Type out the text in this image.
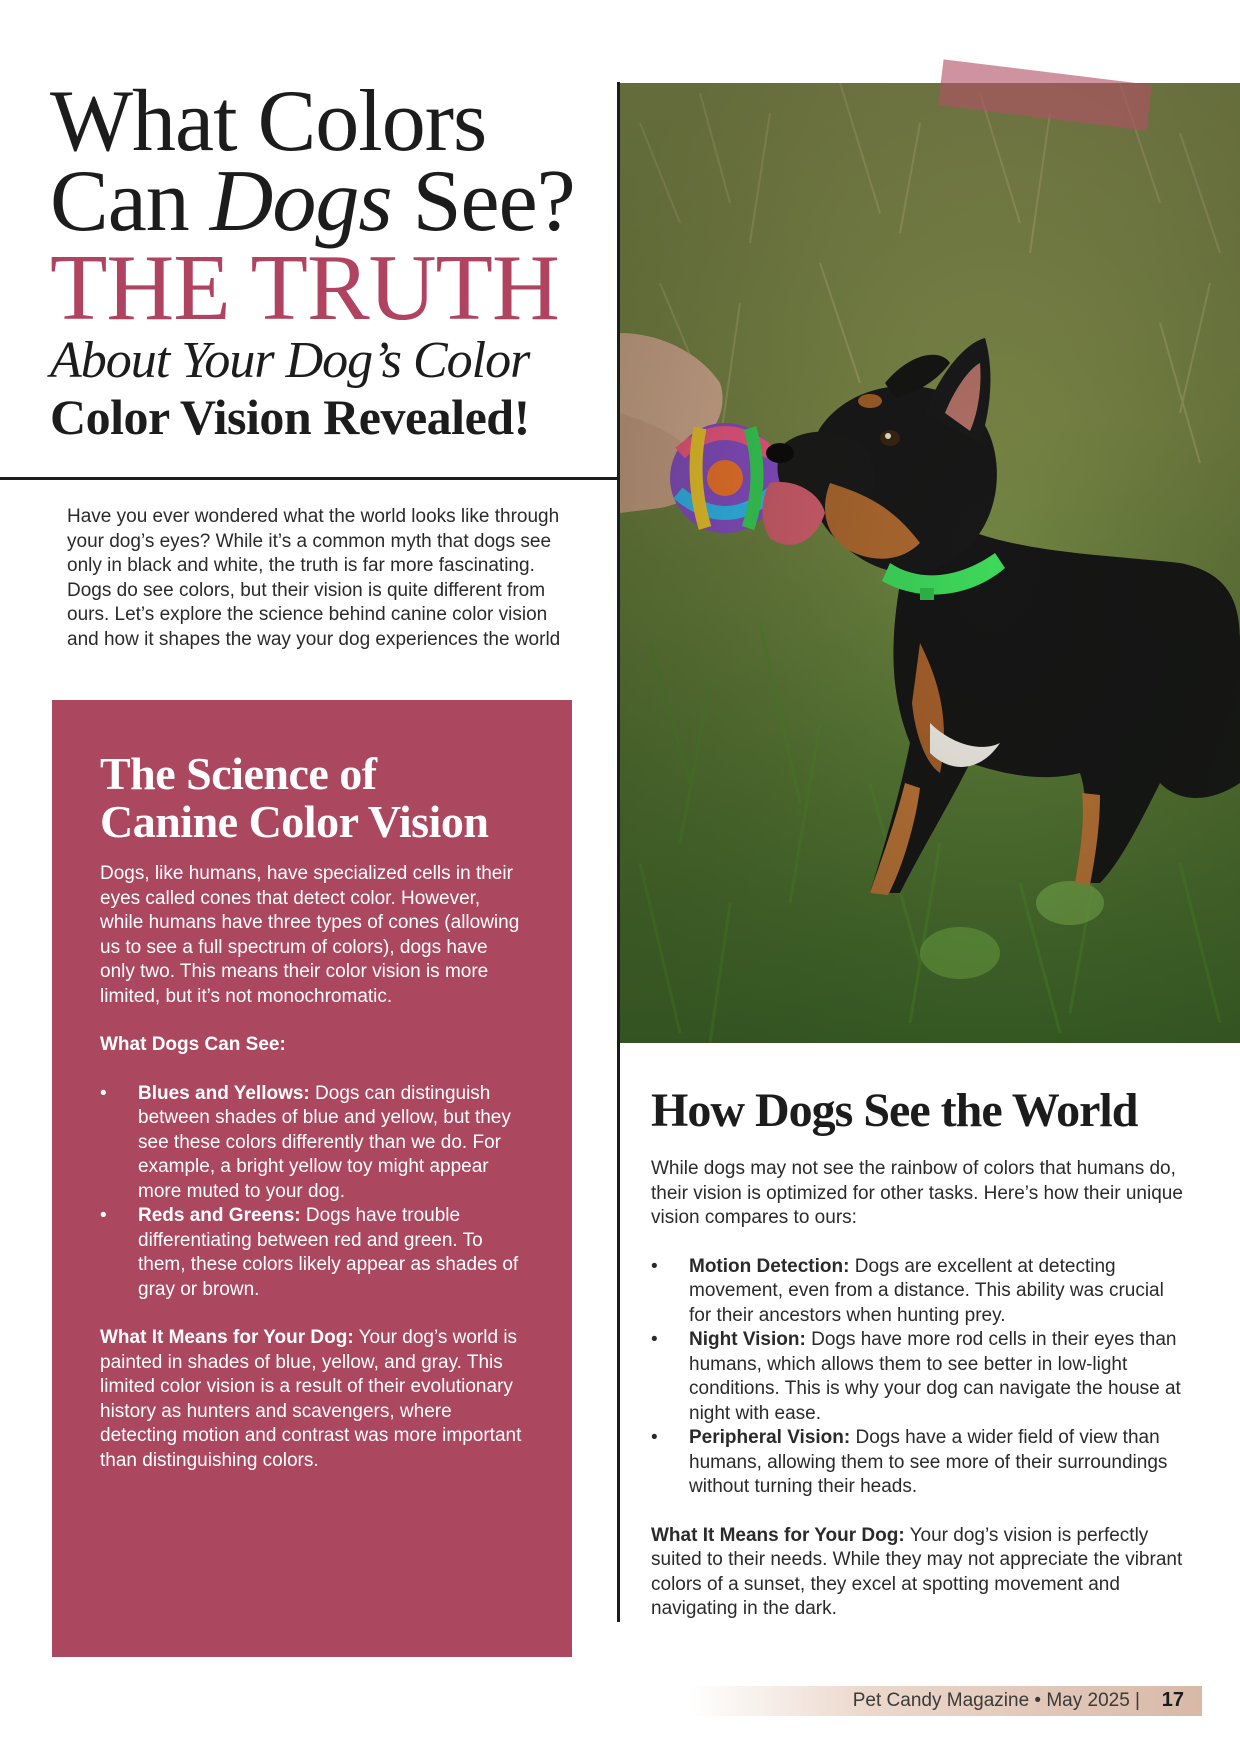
What Colors
Can Dogs See?
THE TRUTH
About Your Dog’s Color
Color Vision Revealed!

Have you ever wondered what the world looks like through your dog’s eyes? While it’s a common myth that dogs see only in black and white, the truth is far more fascinating. Dogs do see colors, but their vision is quite different from ours. Let’s explore the science behind canine color vision and how it shapes the way your dog experiences the world

The Science of
Canine Color Vision

Dogs, like humans, have specialized cells in their eyes called cones that detect color. However, while humans have three types of cones (allowing us to see a full spectrum of colors), dogs have only two. This means their color vision is more limited, but it’s not monochromatic.

What Dogs Can See:

• Blues and Yellows: Dogs can distinguish between shades of blue and yellow, but they see these colors differently than we do. For example, a bright yellow toy might appear more muted to your dog.
• Reds and Greens: Dogs have trouble differentiating between red and green. To them, these colors likely appear as shades of gray or brown.

What It Means for Your Dog: Your dog’s world is painted in shades of blue, yellow, and gray. This limited color vision is a result of their evolutionary history as hunters and scavengers, where detecting motion and contrast was more important than distinguishing colors.

How Dogs See the World

While dogs may not see the rainbow of colors that humans do, their vision is optimized for other tasks. Here’s how their unique vision compares to ours:

• Motion Detection: Dogs are excellent at detecting movement, even from a distance. This ability was crucial for their ancestors when hunting prey.
• Night Vision: Dogs have more rod cells in their eyes than humans, which allows them to see better in low-light conditions. This is why your dog can navigate the house at night with ease.
• Peripheral Vision: Dogs have a wider field of view than humans, allowing them to see more of their surroundings without turning their heads.

What It Means for Your Dog: Your dog’s vision is perfectly suited to their needs. While they may not appreciate the vibrant colors of a sunset, they excel at spotting movement and navigating in the dark.

Pet Candy Magazine • May 2025 | 17
